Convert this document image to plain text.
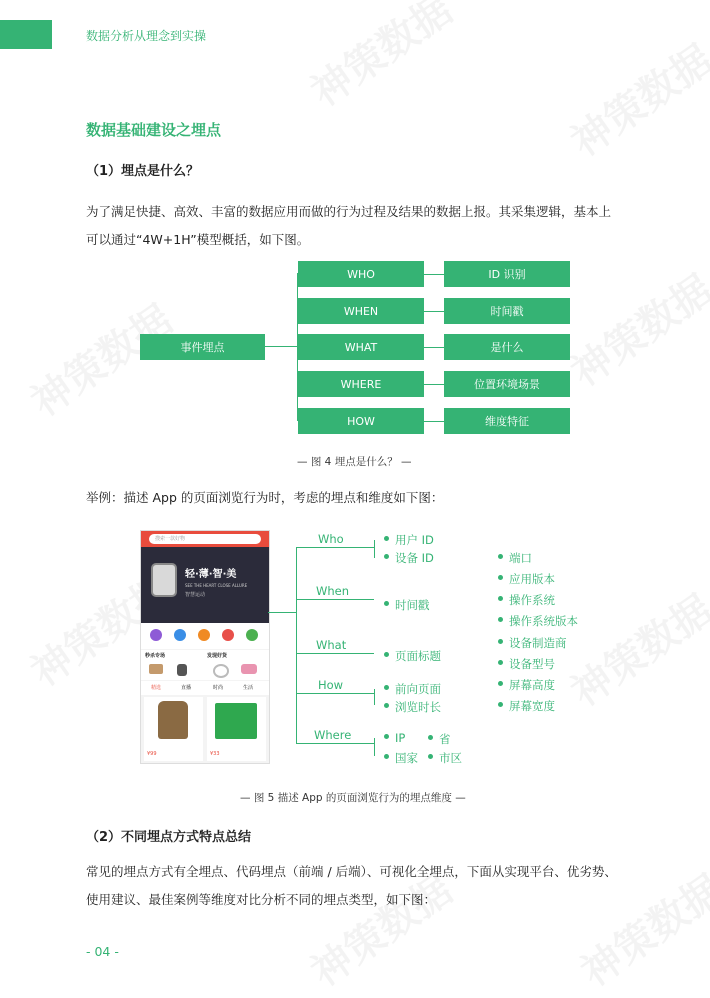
数据分析从理念到实操
数据基础建设之埋点
（1）埋点是什么？
为了满足快捷、高效、丰富的数据应用而做的行为过程及结果的数据上报。其采集逻辑，基本上
可以通过“4W+1H”模型概括，如下图。
事件埋点
WHO	ID 识别
WHEN	时间戳
WHAT	是什么
WHERE	位置环境场景
HOW	维度特征
— 图 4 埋点是什么？ —
举例：描述 App 的页面浏览行为时，考虑的埋点和维度如下图：
搜索一款好物
轻·薄·智·美
SEE THE HEART CLOSE ALLURE
智慧运动
秒杀专场	发现好货
精选	直播	时尚	生活
¥99	¥33
Who
When
What
How
Where
用户 ID
设备 ID
时间戳
页面标题
前向页面
浏览时长
IP	省
国家	市区
端口
应用版本
操作系统
操作系统版本
设备制造商
设备型号
屏幕高度
屏幕宽度
— 图 5 描述 App 的页面浏览行为的埋点维度 —
（2）不同埋点方式特点总结
常见的埋点方式有全埋点、代码埋点（前端 / 后端）、可视化全埋点，下面从实现平台、优劣势、
使用建议、最佳案例等维度对比分析不同的埋点类型，如下图：
- 04 -
